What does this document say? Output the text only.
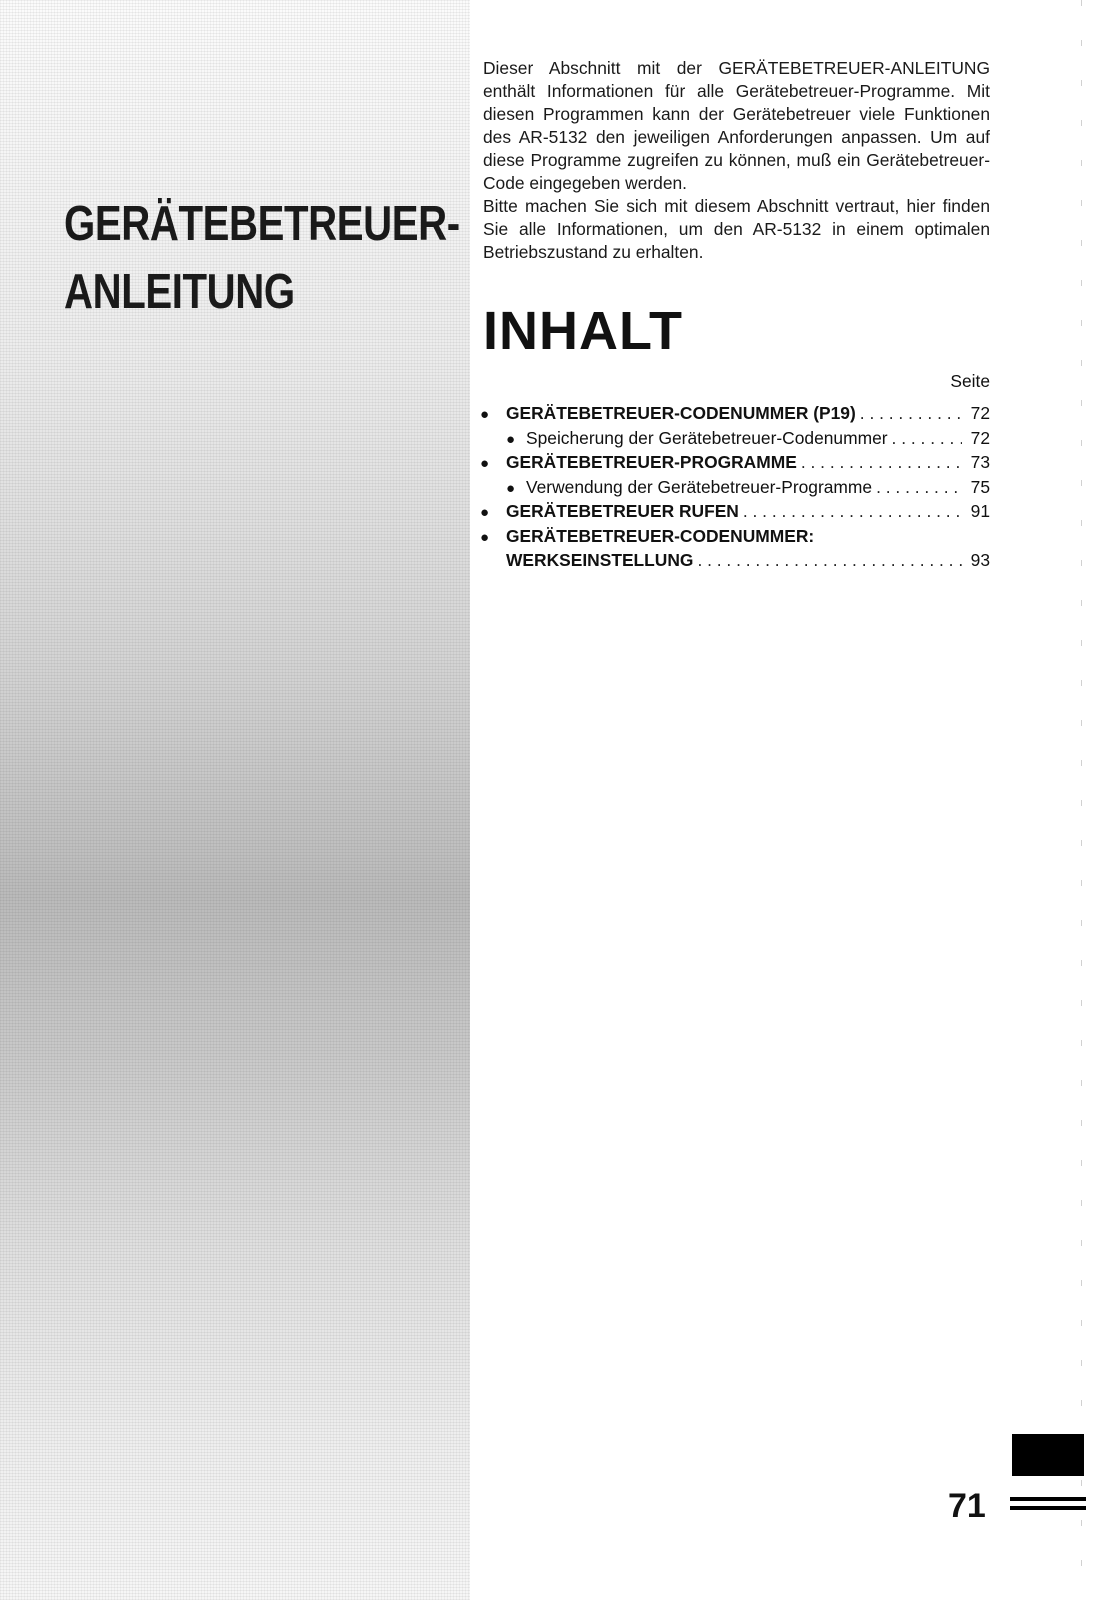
GERÄTEBETREUER-
ANLEITUNG
Dieser Abschnitt mit der GERÄTEBETREUER-ANLEITUNG enthält Informationen für alle Gerätebetreuer-Programme. Mit diesen Programmen kann der Gerätebetreuer viele Funktionen des AR-5132 den jeweiligen Anforderungen anpassen. Um auf diese Programme zugreifen zu können, muß ein Gerätebetreuer-Code eingegeben werden.
Bitte machen Sie sich mit diesem Abschnitt vertraut, hier finden Sie alle Informationen, um den AR-5132 in einem optimalen Betriebszustand zu erhalten.
INHALT
Seite
● GERÄTEBETREUER-CODENUMMER (P19) . . .	72
● Speicherung der Gerätebetreuer-Codenummer . . .	72
● GERÄTEBETREUER-PROGRAMME . . .	73
● Verwendung der Gerätebetreuer-Programme . . .	75
● GERÄTEBETREUER RUFEN . . .	91
● GERÄTEBETREUER-CODENUMMER:
WERKSEINSTELLUNG . . .	93
71
